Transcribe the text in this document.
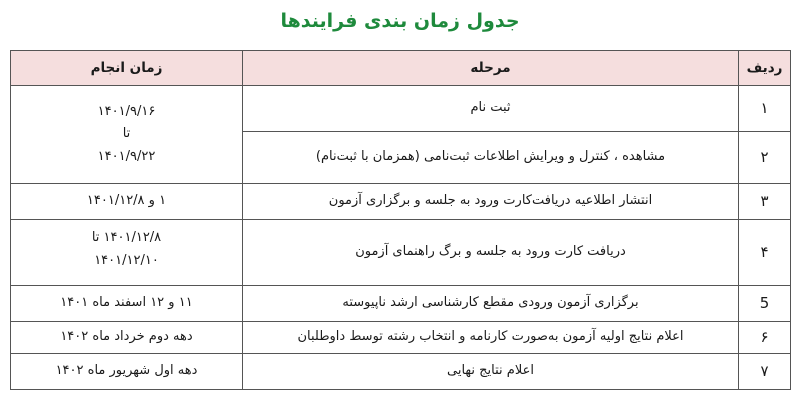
جدول زمان بندی فرایندها
ردیف	مرحله	زمان انجام
۱	ثبت نام	۱۴۰۱/۹/۱۶
تا
۱۴۰۱/۹/۲۲

۲	مشاهده ، کنترل و ویرایش اطلاعات ثبت‌نامی (همزمان با ثبت‌نام)	
۳	انتشار اطلاعیه دریافت‌کارت ورود به جلسه و برگزاری آزمون	۱ و ۱۴۰۱/۱۲/۸
۴	دریافت کارت ورود به جلسه و برگ راهنمای آزمون	۱۴۰۱/۱۲/۸ تا
۱۴۰۱/۱۲/۱۰

5	برگزاری آزمون ورودی مقطع کارشناسی ارشد ناپیوسته	۱۱ و ۱۲ اسفند ماه ۱۴۰۱
۶	اعلام نتایج اولیه آزمون به‌صورت کارنامه و انتخاب رشته توسط داوطلبان	دهه دوم خرداد ماه ۱۴۰۲
۷	اعلام نتایج نهایی	دهه اول شهریور ماه ۱۴۰۲
